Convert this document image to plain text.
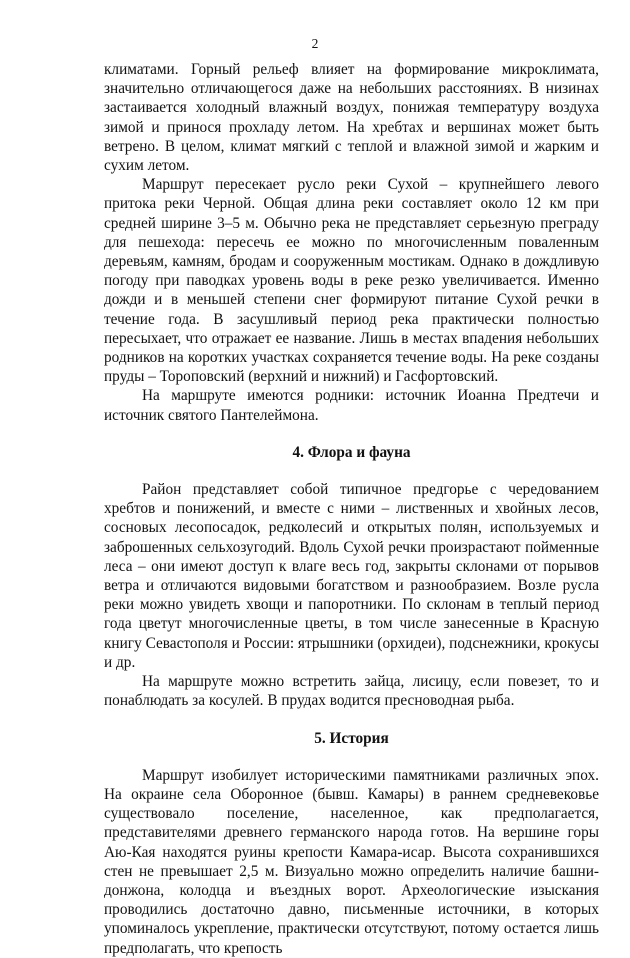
2

климатами. Горный рельеф влияет на формирование микроклимата, значительно отличающегося даже на небольших расстояниях. В низинах застаивается холодный влажный воздух, понижая температуру воздуха зимой и принося прохладу летом. На хребтах и вершинах может быть ветрено. В целом, климат мягкий с теплой и влажной зимой и жарким и сухим летом.

Маршрут пересекает русло реки Сухой – крупнейшего левого притока реки Черной. Общая длина реки составляет около 12 км при средней ширине 3–5 м. Обычно река не представляет серьезную преграду для пешехода: пересечь ее можно по многочисленным поваленным деревьям, камням, бродам и сооруженным мостикам. Однако в дождливую погоду при паводках уровень воды в реке резко увеличивается. Именно дожди и в меньшей степени снег формируют питание Сухой речки в течение года. В засушливый период река практически полностью пересыхает, что отражает ее название. Лишь в местах впадения небольших родников на коротких участках сохраняется течение воды. На реке созданы пруды – Тороповский (верхний и нижний) и Гасфортовский.

На маршруте имеются родники: источник Иоанна Предтечи и источник святого Пантелеймона.

4. Флора и фауна

Район представляет собой типичное предгорье с чередованием хребтов и понижений, и вместе с ними – лиственных и хвойных лесов, сосновых лесопосадок, редколесий и открытых полян, используемых и заброшенных сельхозугодий. Вдоль Сухой речки произрастают пойменные леса – они имеют доступ к влаге весь год, закрыты склонами от порывов ветра и отличаются видовыми богатством и разнообразием. Возле русла реки можно увидеть хвощи и папоротники. По склонам в теплый период года цветут многочисленные цветы, в том числе занесенные в Красную книгу Севастополя и России: ятрышники (орхидеи), подснежники, крокусы и др.

На маршруте можно встретить зайца, лисицу, если повезет, то и понаблюдать за косулей. В прудах водится пресноводная рыба.

5. История

Маршрут изобилует историческими памятниками различных эпох. На окраине села Оборонное (бывш. Камары) в раннем средневековье существовало поселение, населенное, как предполагается, представителями древнего германского народа готов. На вершине горы Аю-Кая находятся руины крепости Камара-исар. Высота сохранившихся стен не превышает 2,5 м. Визуально можно определить наличие башни-донжона, колодца и въездных ворот. Археологические изыскания проводились достаточно давно, письменные источники, в которых упоминалось укрепление, практически отсутствуют, потому остается лишь предполагать, что крепость
